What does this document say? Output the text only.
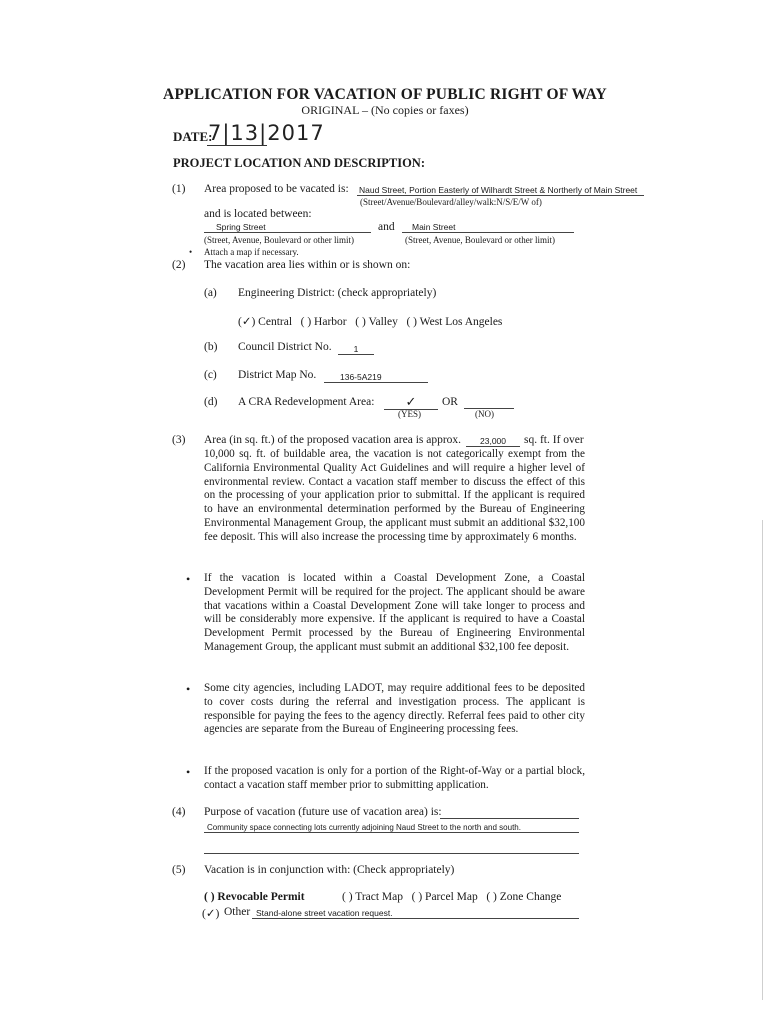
APPLICATION FOR VACATION OF PUBLIC RIGHT OF WAY
ORIGINAL – (No copies or faxes)
DATE:
7|13|2017
PROJECT LOCATION AND DESCRIPTION:
(1) Area proposed to be vacated is: Naud Street, Portion Easterly of Wilhardt Street & Northerly of Main Street
(Street/Avenue/Boulevard/alley/walk:N/S/E/W of)
and is located between:
Spring Street	and	Main Street
(Street, Avenue, Boulevard or other limit)	(Street, Avenue, Boulevard or other limit)
• Attach a map if necessary.
(2) The vacation area lies within or is shown on:
(a) Engineering District: (check appropriately)
(✓) Central   ( ) Harbor   ( ) Valley   ( ) West Los Angeles
(b) Council District No.	1
(c) District Map No.	136-5A219
(d) A CRA Redevelopment Area:	✓	OR
(YES)	(NO)
(3) Area (in sq. ft.) of the proposed vacation area is approx.	23,000	sq. ft. If over
10,000 sq. ft. of buildable area, the vacation is not categorically exempt from the California Environmental Quality Act Guidelines and will require a higher level of environmental review. Contact a vacation staff member to discuss the effect of this on the processing of your application prior to submittal. If the applicant is required to have an environmental determination performed by the Bureau of Engineering Environmental Management Group, the applicant must submit an additional $32,100 fee deposit. This will also increase the processing time by approximately 6 months.
• If the vacation is located within a Coastal Development Zone, a Coastal Development Permit will be required for the project. The applicant should be aware that vacations within a Coastal Development Zone will take longer to process and will be considerably more expensive. If the applicant is required to have a Coastal Development Permit processed by the Bureau of Engineering Environmental Management Group, the applicant must submit an additional $32,100 fee deposit.
• Some city agencies, including LADOT, may require additional fees to be deposited to cover costs during the referral and investigation process. The applicant is responsible for paying the fees to the agency directly. Referral fees paid to other city agencies are separate from the Bureau of Engineering processing fees.
• If the proposed vacation is only for a portion of the Right-of-Way or a partial block, contact a vacation staff member prior to submitting application.
(4) Purpose of vacation (future use of vacation area) is:
Community space connecting lots currently adjoining Naud Street to the north and south.
(5) Vacation is in conjunction with: (Check appropriately)
( ) Revocable Permit	( ) Tract Map   ( ) Parcel Map   ( ) Zone Change
(✓) Other Stand-alone street vacation request.
